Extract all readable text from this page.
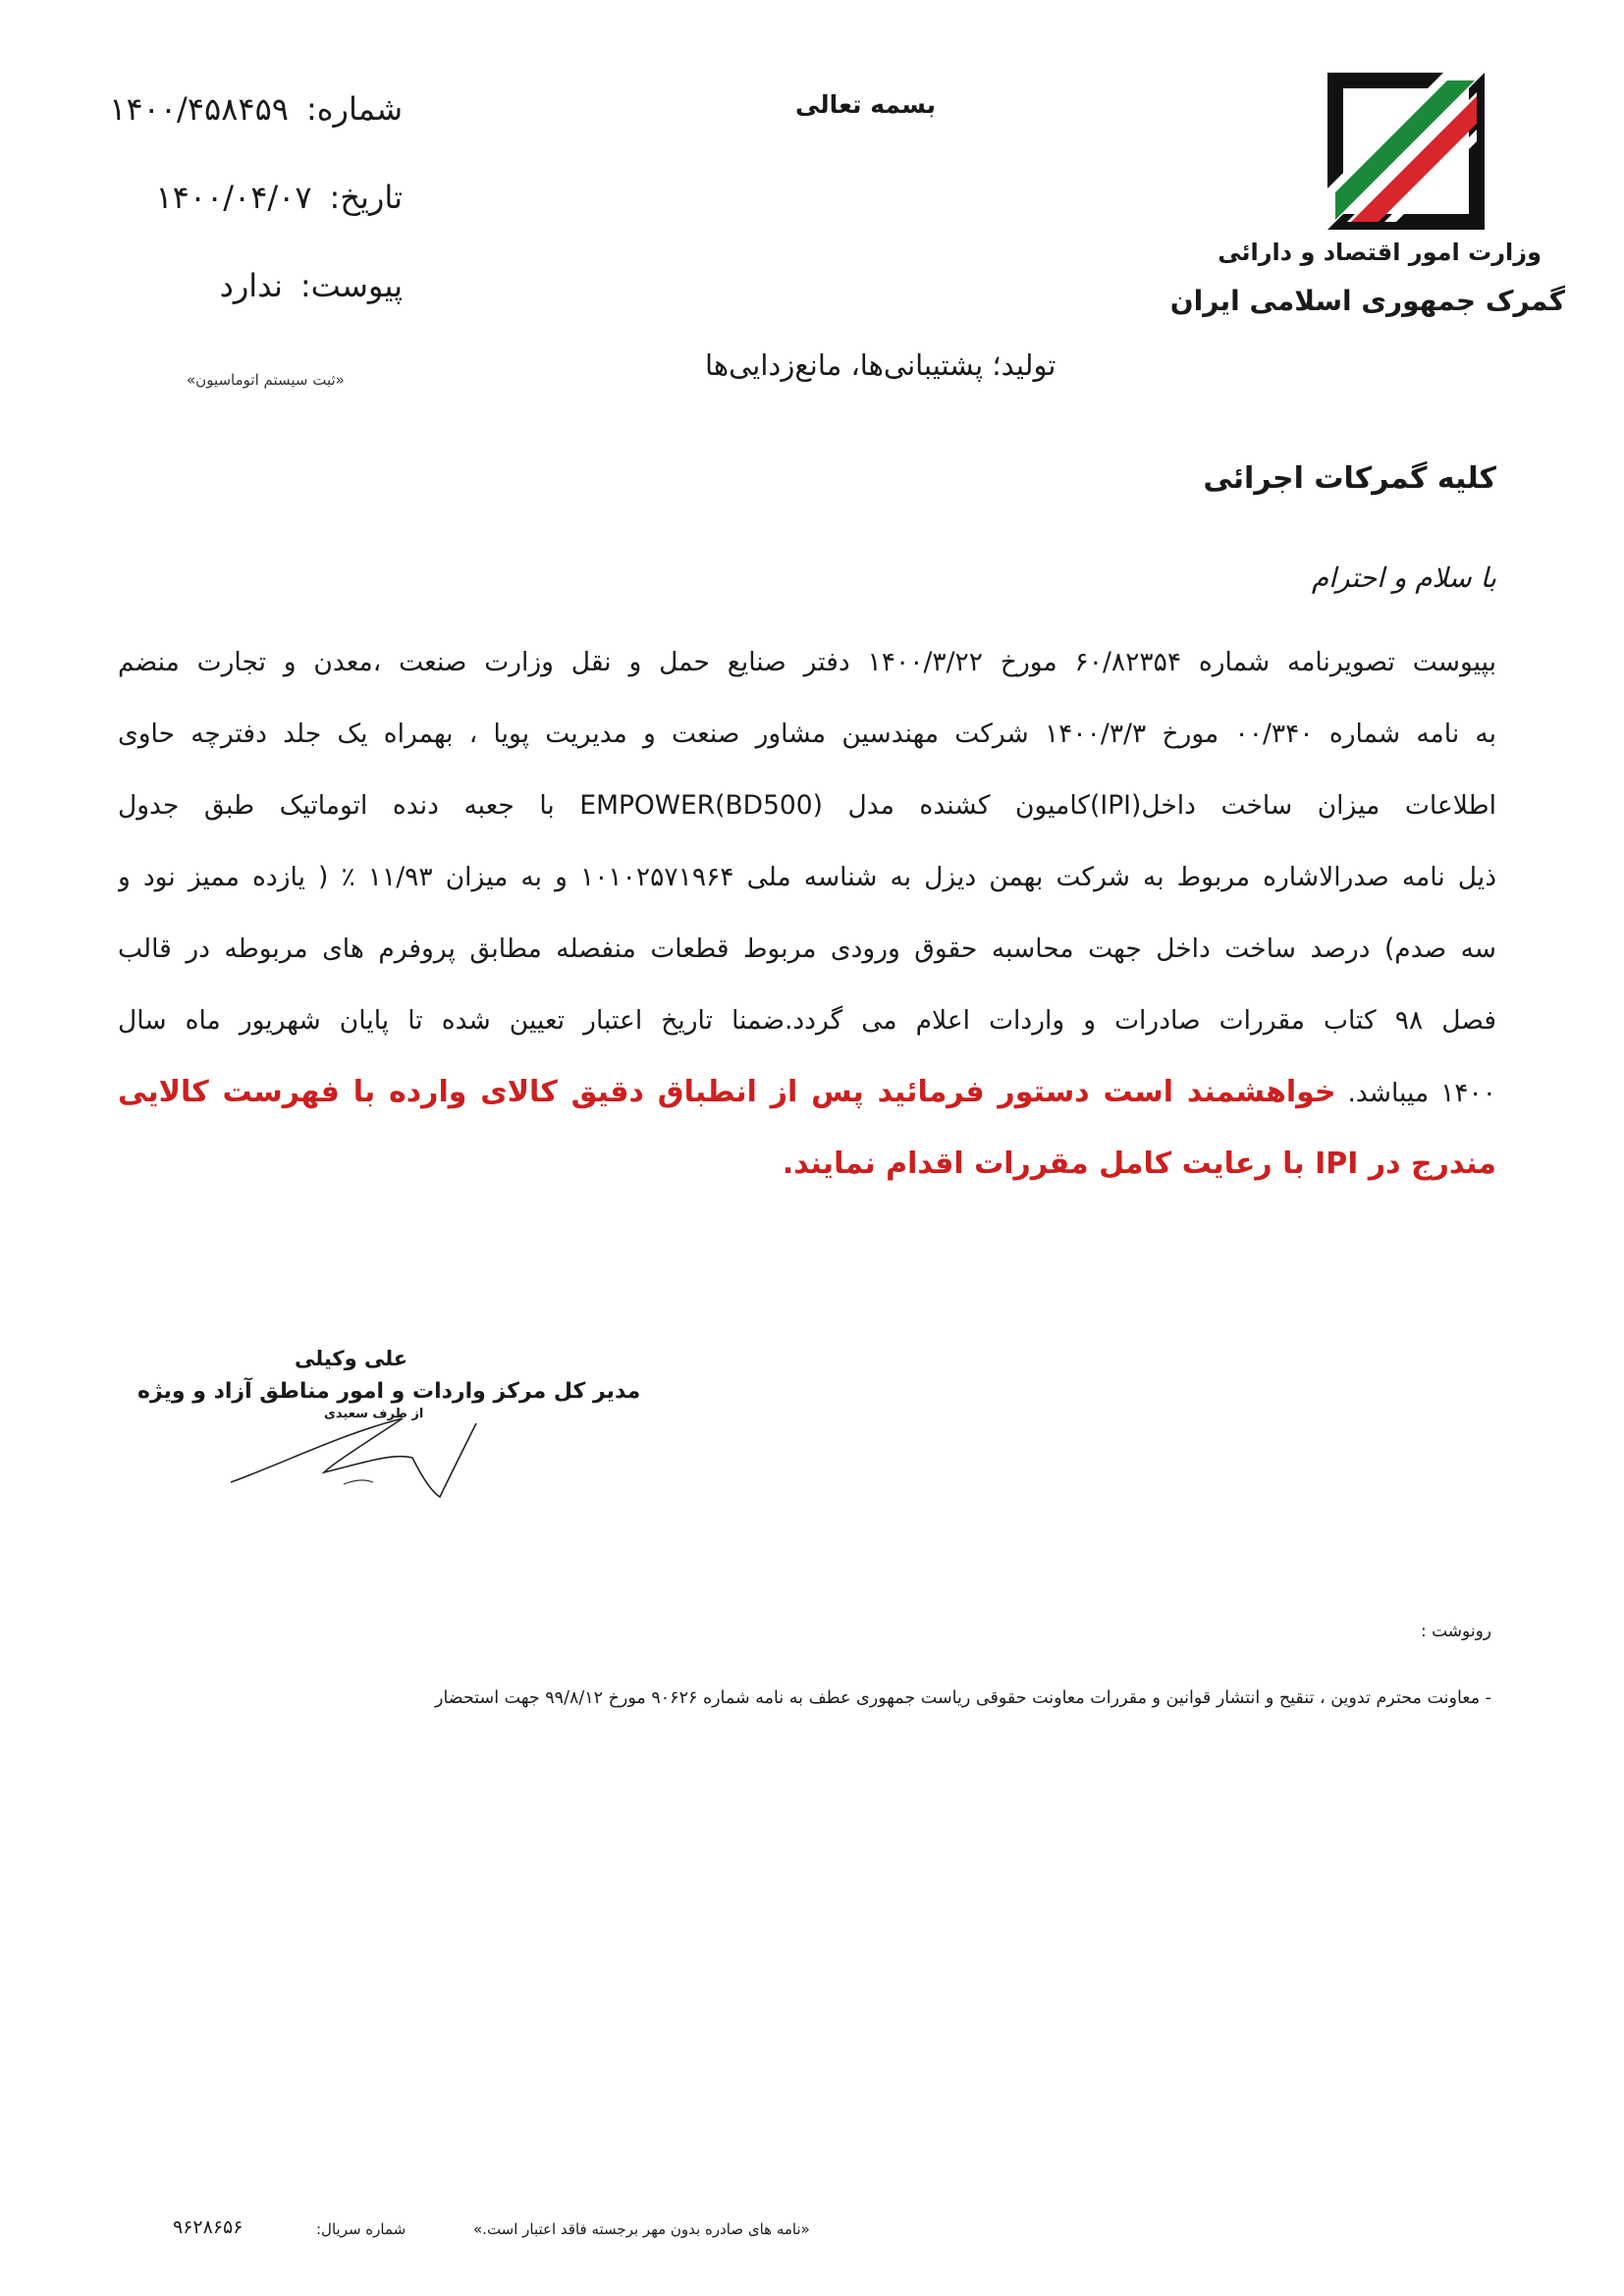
شماره:
۱۴۰۰/۴۵۸۴۵۹
تاریخ:
۱۴۰۰/۰۴/۰۷
پیوست:
ندارد
«ثبت سیستم اتوماسیون»
بسمه تعالی
وزارت امور اقتصاد و دارائی
گمرک جمهوری اسلامی ایران
تولید؛ پشتیبانی‌ها، مانع‌زدایی‌ها
کلیه گمرکات اجرائی
با سلام و احترام
بپیوست تصویرنامه شماره ۶۰/۸۲۳۵۴ مورخ ۱۴۰۰/۳/۲۲ دفتر صنایع حمل و نقل وزارت صنعت ،معدن و تجارت منضم
به نامه شماره ۰۰/۳۴۰ مورخ ۱۴۰۰/۳/۳ شرکت مهندسین مشاور صنعت و مدیریت پویا ، بهمراه یک جلد دفترچه حاوی
اطلاعات میزان ساخت داخل(IPI)کامیون کشنده مدل EMPOWER(BD500) با جعبه دنده اتوماتیک طبق جدول
ذیل نامه صدرالاشاره مربوط به شرکت بهمن دیزل به شناسه ملی ۱۰۱۰۲۵۷۱۹۶۴ و به میزان ۱۱/۹۳ ٪ ( یازده ممیز نود و
سه صدم) درصد ساخت داخل جهت محاسبه حقوق ورودی مربوط قطعات منفصله مطابق پروفرم های مربوطه در قالب
فصل ۹۸ کتاب مقررات صادرات و واردات اعلام می گردد.ضمنا تاریخ اعتبار تعیین شده تا پایان شهریور ماه سال
۱۴۰۰ میباشد. خواهشمند است دستور فرمائید پس از انطباق دقیق کالای وارده با فهرست کالایی
مندرج در IPI با رعایت کامل مقررات اقدام نمایند.
علی وکیلی
مدیر کل مرکز واردات و امور مناطق آزاد و ویژه
از طرف سعیدی
رونوشت :
- معاونت محترم تدوین ، تنقیح و انتشار قوانین و مقررات معاونت حقوقی ریاست جمهوری عطف به نامه شماره ۹۰۶۲۶ مورخ ۹۹/۸/۱۲ جهت استحضار
«نامه های صادره بدون مهر برجسته فاقد اعتبار است.»
شماره سریال:
۹۶۲۸۶۵۶
